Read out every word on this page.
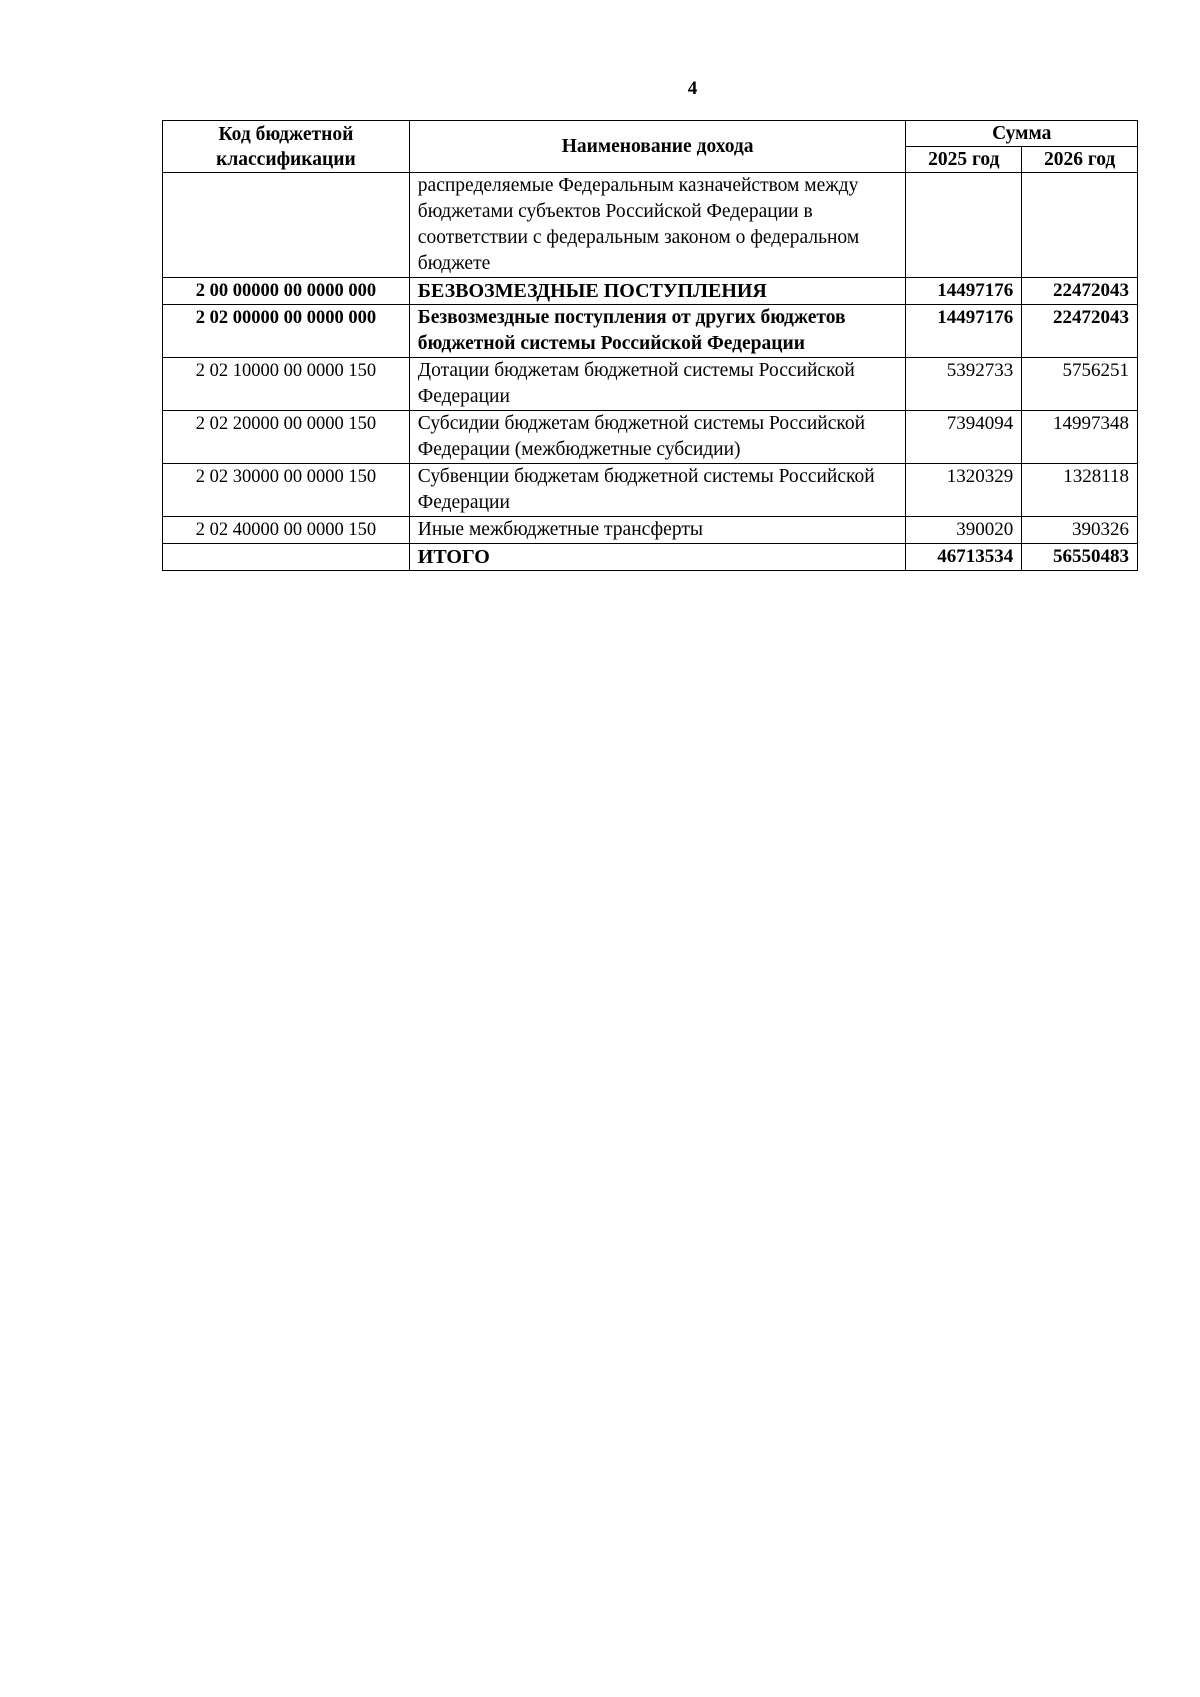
4
Код бюджетной классификации	Наименование дохода	Сумма	
		2025 год	2026 год
	распределяемые Федеральным казначейством между бюджетами субъектов Российской Федерации в соответствии с федеральным законом о федеральном бюджете		
2 00 00000 00 0000 000	БЕЗВОЗМЕЗДНЫЕ ПОСТУПЛЕНИЯ	14497176	22472043
2 02 00000 00 0000 000	Безвозмездные поступления от других бюджетов бюджетной системы Российской Федерации	14497176	22472043
2 02 10000 00 0000 150	Дотации бюджетам бюджетной системы Российской Федерации	5392733	5756251
2 02 20000 00 0000 150	Субсидии бюджетам бюджетной системы Российской Федерации (межбюджетные субсидии)	7394094	14997348
2 02 30000 00 0000 150	Субвенции бюджетам бюджетной системы Российской Федерации	1320329	1328118
2 02 40000 00 0000 150	Иные межбюджетные трансферты	390020	390326
	ИТОГО	46713534	56550483
